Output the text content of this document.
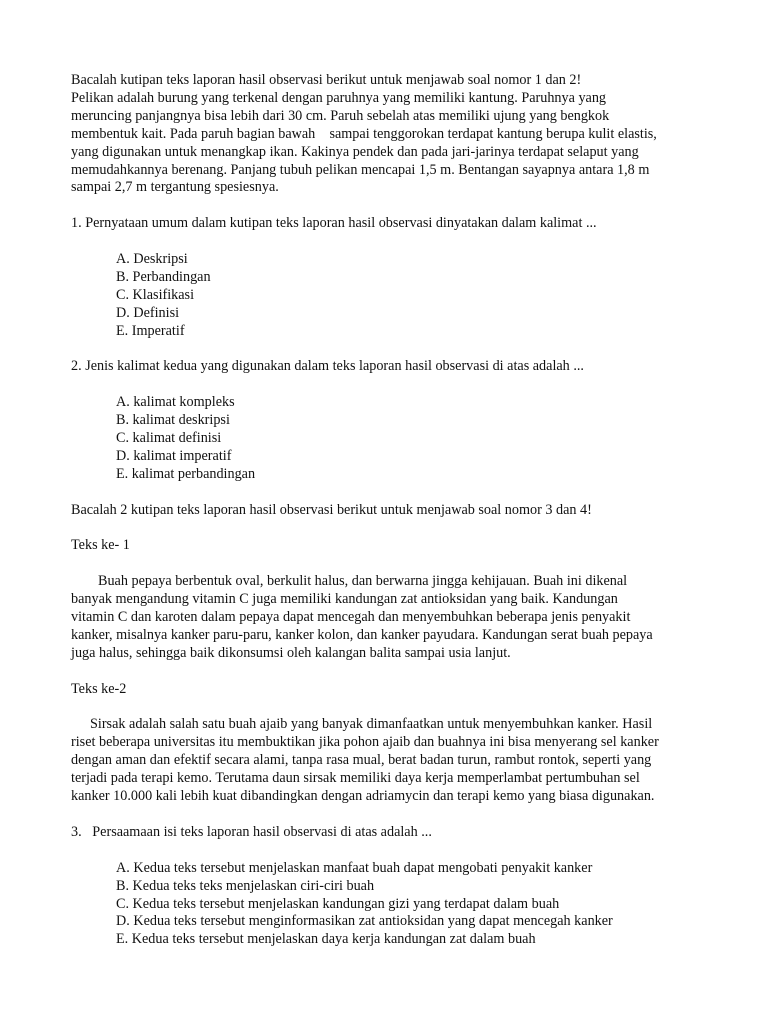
Bacalah kutipan teks laporan hasil observasi berikut untuk menjawab soal nomor 1 dan 2!

Pelikan adalah burung yang terkenal dengan paruhnya yang memiliki kantung. Paruhnya yang

meruncing panjangnya bisa lebih dari 30 cm. Paruh sebelah atas memiliki ujung yang bengkok

membentuk kait. Pada paruh bagian bawah    sampai tenggorokan terdapat kantung berupa kulit elastis,

yang digunakan untuk menangkap ikan. Kakinya pendek dan pada jari-jarinya terdapat selaput yang

memudahkannya berenang. Panjang tubuh pelikan mencapai 1,5 m. Bentangan sayapnya antara 1,8 m

sampai 2,7 m tergantung spesiesnya.

1. Pernyataan umum dalam kutipan teks laporan hasil observasi dinyatakan dalam kalimat ...

A. Deskripsi
B. Perbandingan
C. Klasifikasi
D. Definisi
E. Imperatif

2. Jenis kalimat kedua yang digunakan dalam teks laporan hasil observasi di atas adalah ...

A. kalimat kompleks
B. kalimat deskripsi
C. kalimat definisi
D. kalimat imperatif
E. kalimat perbandingan

Bacalah 2 kutipan teks laporan hasil observasi berikut untuk menjawab soal nomor 3 dan 4!

Teks ke- 1

Buah pepaya berbentuk oval, berkulit halus, dan berwarna jingga kehijauan. Buah ini dikenal

banyak mengandung vitamin C juga memiliki kandungan zat antioksidan yang baik. Kandungan

vitamin C dan karoten dalam pepaya dapat mencegah dan menyembuhkan beberapa jenis penyakit

kanker, misalnya kanker paru-paru, kanker kolon, dan kanker payudara. Kandungan serat buah pepaya

juga halus, sehingga baik dikonsumsi oleh kalangan balita sampai usia lanjut.

Teks ke-2

Sirsak adalah salah satu buah ajaib yang banyak dimanfaatkan untuk menyembuhkan kanker. Hasil

riset beberapa universitas itu membuktikan jika pohon ajaib dan buahnya ini bisa menyerang sel kanker

dengan aman dan efektif secara alami, tanpa rasa mual, berat badan turun, rambut rontok, seperti yang

terjadi pada terapi kemo. Terutama daun sirsak memiliki daya kerja memperlambat pertumbuhan sel

kanker 10.000 kali lebih kuat dibandingkan dengan adriamycin dan terapi kemo yang biasa digunakan.

3.   Persaamaan isi teks laporan hasil observasi di atas adalah ...

A. Kedua teks tersebut menjelaskan manfaat buah dapat mengobati penyakit kanker
B. Kedua teks teks menjelaskan ciri-ciri buah
C. Kedua teks tersebut menjelaskan kandungan gizi yang terdapat dalam buah
D. Kedua teks tersebut menginformasikan zat antioksidan yang dapat mencegah kanker
E. Kedua teks tersebut menjelaskan daya kerja kandungan zat dalam buah
